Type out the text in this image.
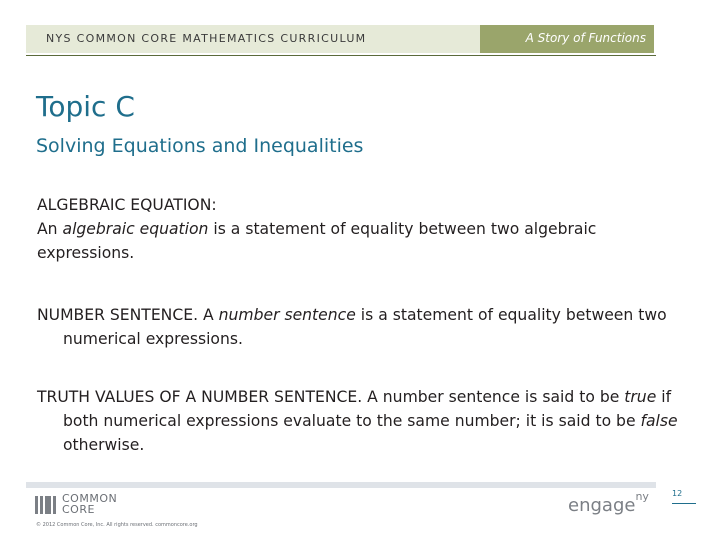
NYS COMMON CORE MATHEMATICS CURRICULUM	A Story of Functions
Topic C
Solving Equations and Inequalities
ALGEBRAIC EQUATION:
An algebraic equation is a statement of equality between two algebraic expressions.
NUMBER SENTENCE. A number sentence is a statement of equality between two numerical expressions.
TRUTH VALUES OF A NUMBER SENTENCE. A number sentence is said to be true if both numerical expressions evaluate to the same number; it is said to be false otherwise.
COMMON
CORE
© 2012 Common Core, Inc. All rights reserved. commoncore.org
engage$^{ny}$	12
